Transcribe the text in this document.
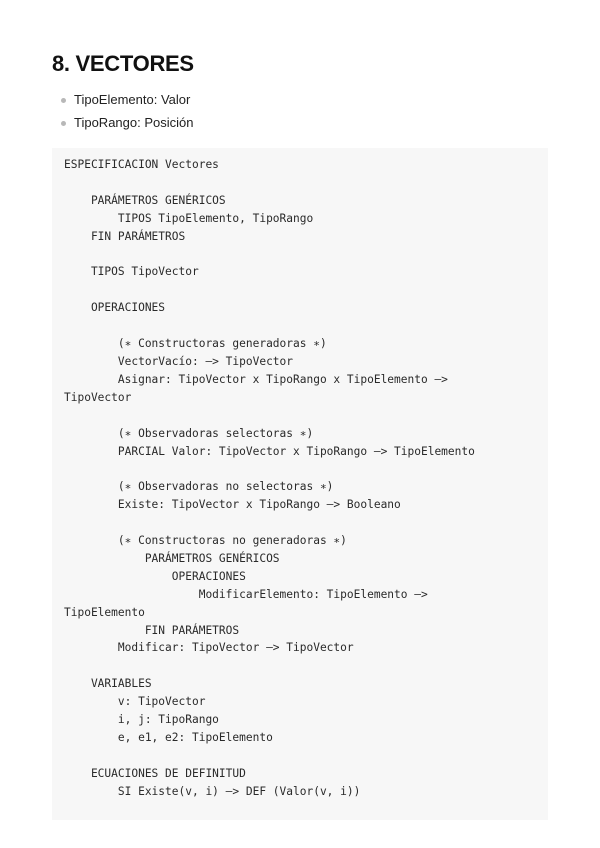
8. VECTORES
TipoElemento: Valor
TipoRango: Posición
ESPECIFICACION Vectores

PARÁMETROS GENÉRICOS
TIPOS TipoElemento, TipoRango
FIN PARÁMETROS

TIPOS TipoVector

OPERACIONES

(∗ Constructoras generadoras ∗)
VectorVacío: —> TipoVector
Asignar: TipoVector x TipoRango x TipoElemento —>
TipoVector

(∗ Observadoras selectoras ∗)
PARCIAL Valor: TipoVector x TipoRango —> TipoElemento

(∗ Observadoras no selectoras ∗)
Existe: TipoVector x TipoRango —> Booleano

(∗ Constructoras no generadoras ∗)
PARÁMETROS GENÉRICOS
OPERACIONES
ModificarElemento: TipoElemento —>
TipoElemento
FIN PARÁMETROS
Modificar: TipoVector —> TipoVector

VARIABLES
v: TipoVector
i, j: TipoRango
e, e1, e2: TipoElemento

ECUACIONES DE DEFINITUD
SI Existe(v, i) —> DEF (Valor(v, i))
